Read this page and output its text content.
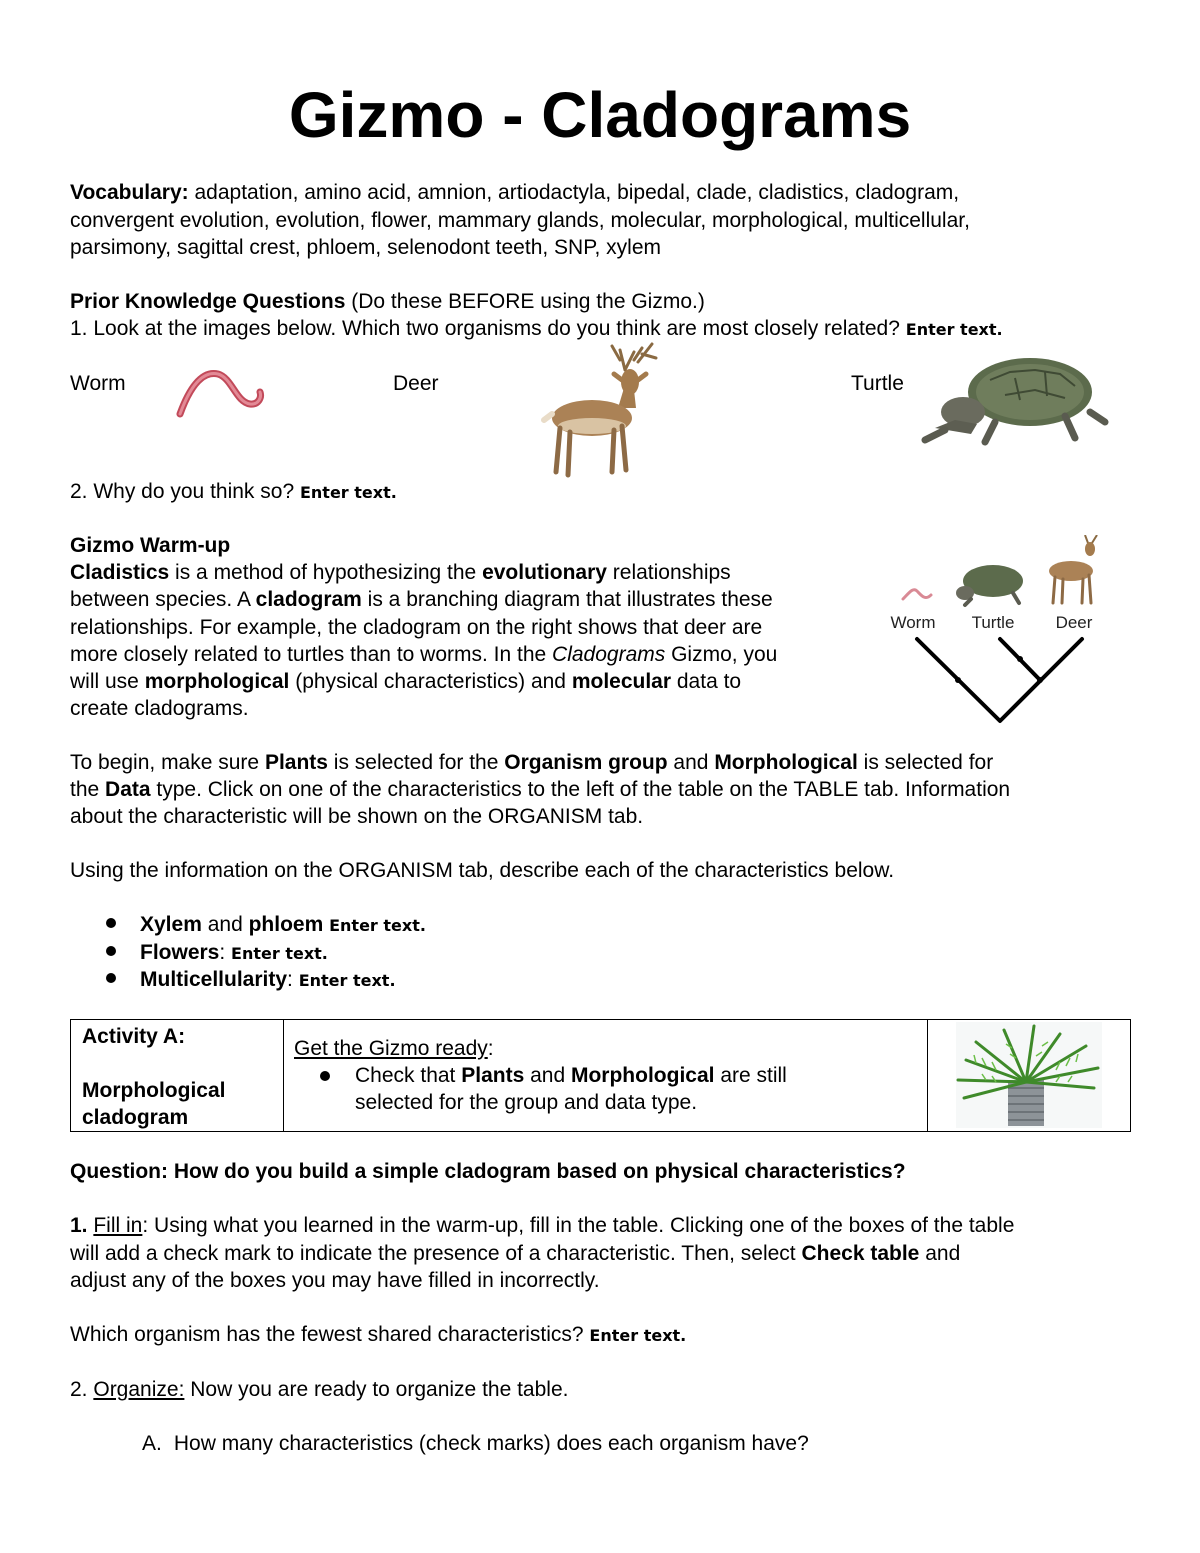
Gizmo - Cladograms
Vocabulary: adaptation, amino acid, amnion, artiodactyla, bipedal, clade, cladistics, cladogram,
convergent evolution, evolution, flower, mammary glands, molecular, morphological, multicellular,
parsimony, sagittal crest, phloem, selenodont teeth, SNP, xylem
Prior Knowledge Questions (Do these BEFORE using the Gizmo.)
1. Look at the images below. Which two organisms do you think are most closely related? Enter text.
Worm	Deer	Turtle
2. Why do you think so? Enter text.
Gizmo Warm-up
Cladistics is a method of hypothesizing the evolutionary relationships
between species. A cladogram is a branching diagram that illustrates these
relationships. For example, the cladogram on the right shows that deer are
more closely related to turtles than to worms. In the Cladograms Gizmo, you
will use morphological (physical characteristics) and molecular data to
create cladograms.
Worm Turtle Deer
To begin, make sure Plants is selected for the Organism group and Morphological is selected for
the Data type. Click on one of the characteristics to the left of the table on the TABLE tab. Information
about the characteristic will be shown on the ORGANISM tab.
Using the information on the ORGANISM tab, describe each of the characteristics below.
Xylem and phloem Enter text.
Flowers: Enter text.
Multicellularity: Enter text.
Activity A:

Morphological
cladogram

Get the Gizmo ready:
Check that Plants and Morphological are still
selected for the group and data type.

Question: How do you build a simple cladogram based on physical characteristics?
1. Fill in: Using what you learned in the warm-up, fill in the table. Clicking one of the boxes of the table
will add a check mark to indicate the presence of a characteristic. Then, select Check table and
adjust any of the boxes you may have filled in incorrectly.
Which organism has the fewest shared characteristics? Enter text.
2. Organize: Now you are ready to organize the table.
A. How many characteristics (check marks) does each organism have?
